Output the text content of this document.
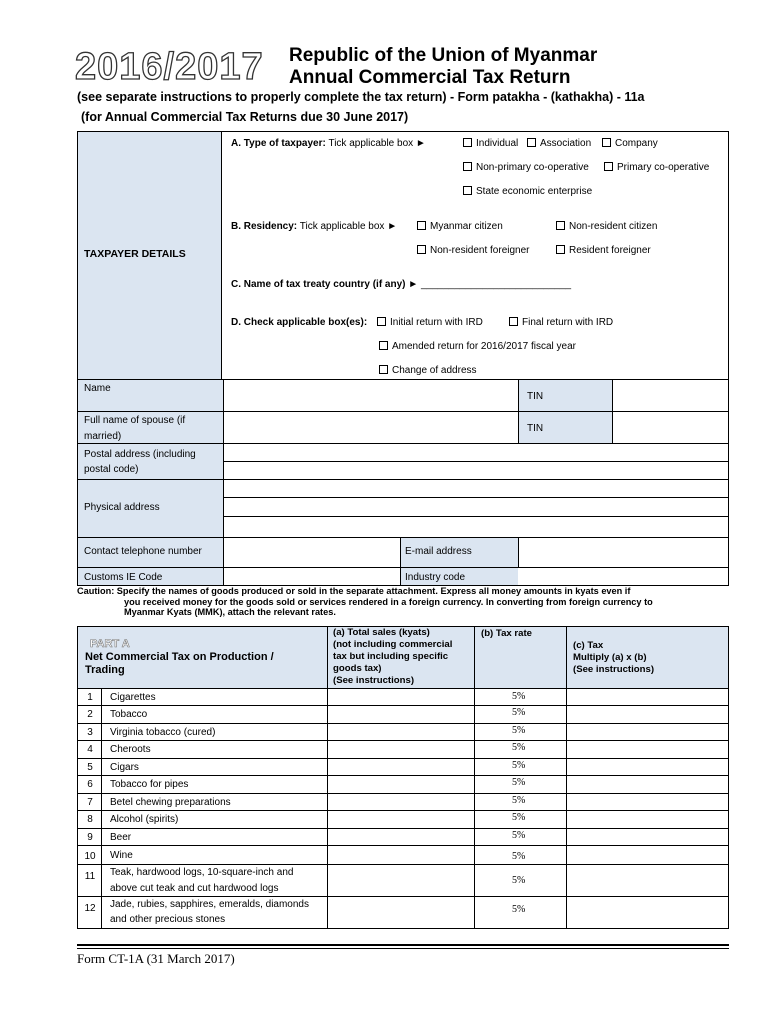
2016/2017 Republic of the Union of Myanmar
Annual Commercial Tax Return
(see separate instructions to properly complete the tax return) - Form patakha - (kathakha) - 11a
(for Annual Commercial Tax Returns due 30 June 2017)
TAXPAYER DETAILS
A. Type of taxpayer: Tick applicable box ►	Individual	Association	Company
Non-primary co-operative	Primary co-operative
State economic enterprise
B. Residency: Tick applicable box ►	Myanmar citizen	Non-resident citizen
Non-resident foreigner	Resident foreigner
C. Name of tax treaty country (if any) ► ___________________________
D. Check applicable box(es):	Initial return with IRD	Final return with IRD
Amended return for 2016/2017 fiscal year
Change of address
Name
TIN
Full name of spouse (if
married)
TIN
Postal address (including
postal code)
Physical address
Contact telephone number	E-mail address
Customs IE Code	Industry code
Caution: Specify the names of goods produced or sold in the separate attachment. Express all money amounts in kyats even if
you received money for the goods sold or services rendered in a foreign currency. In converting from foreign currency to
Myanmar Kyats (MMK), attach the relevant rates.
PART A
Net Commercial Tax on Production /
Trading
(a) Total sales (kyats)
(not including commercial
tax but including specific
goods tax)
(See instructions)
(b) Tax rate
(c) Tax
Multiply (a) x (b)
(See instructions)
1	Cigarettes	5%
2	Tobacco	5%
3	Virginia tobacco (cured)	5%
4	Cheroots	5%
5	Cigars	5%
6	Tobacco for pipes	5%
7	Betel chewing preparations	5%
8	Alcohol (spirits)	5%
9	Beer	5%
10	Wine	5%
11	Teak, hardwood logs, 10-square-inch and
above cut teak and cut hardwood logs
5%
12	Jade, rubies, sapphires, emeralds, diamonds
and other precious stones
5%
Form CT-1A (31 March 2017)
